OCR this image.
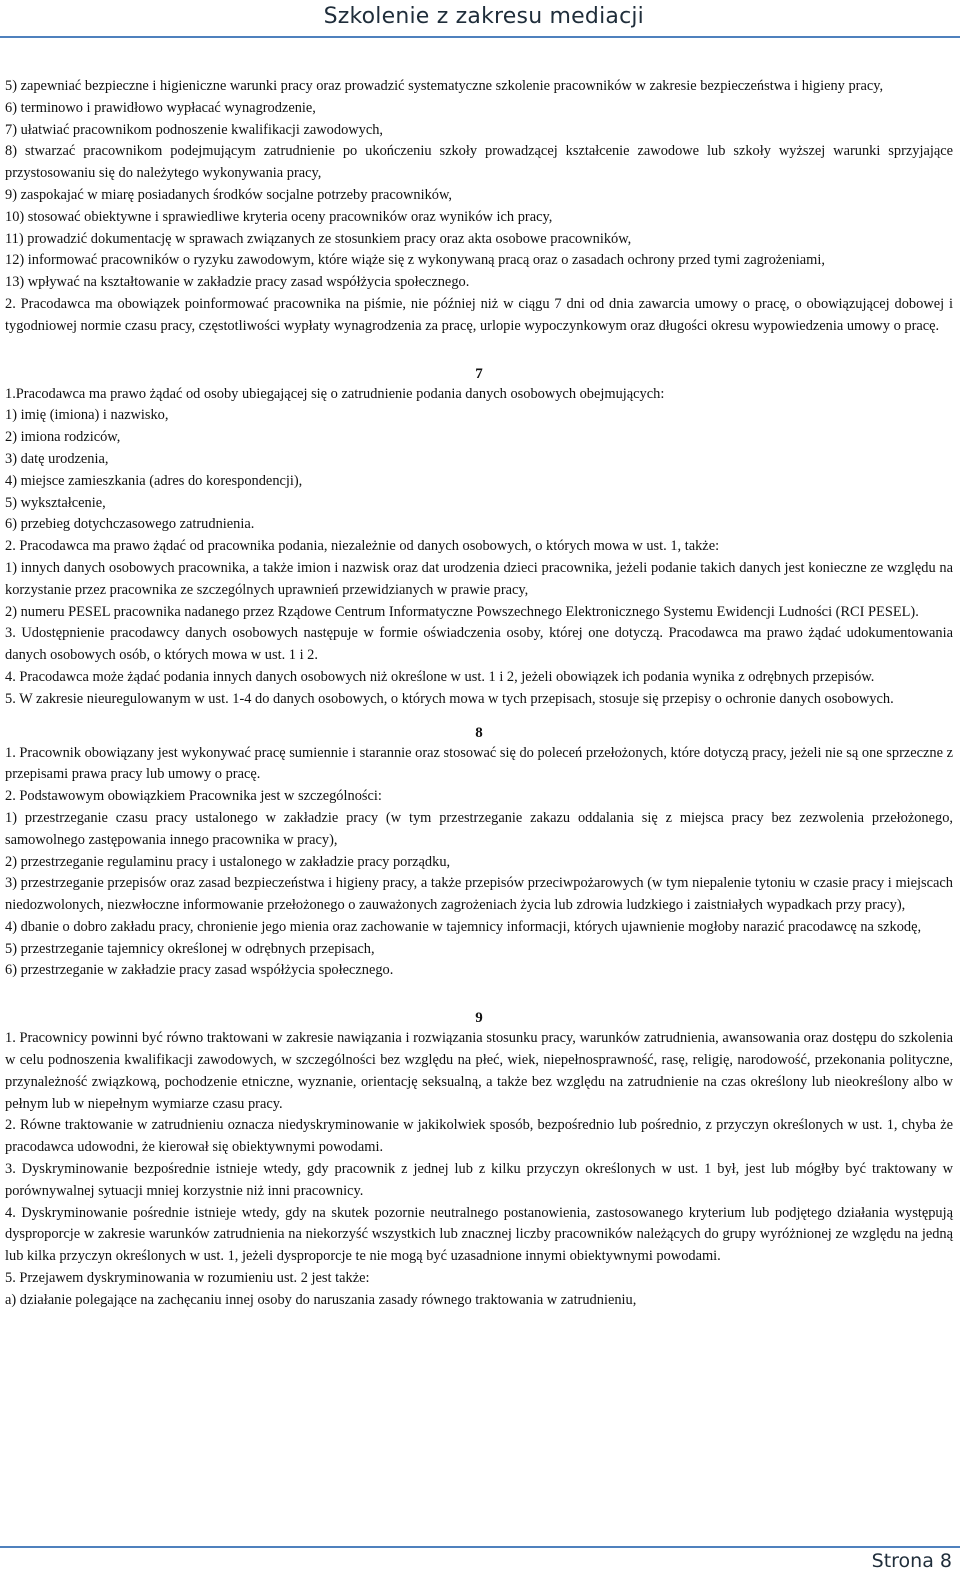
Szkolenie z zakresu mediacji
5) zapewniać bezpieczne i higieniczne warunki pracy oraz prowadzić systematyczne szkolenie pracowników w zakresie bezpieczeństwa i higieny pracy,
6) terminowo i prawidłowo wypłacać wynagrodzenie,
7) ułatwiać pracownikom podnoszenie kwalifikacji zawodowych,
8) stwarzać pracownikom podejmującym zatrudnienie po ukończeniu szkoły prowadzącej kształcenie zawodowe lub szkoły wyższej warunki sprzyjające przystosowaniu się do należytego wykonywania pracy,
9) zaspokajać w miarę posiadanych środków socjalne potrzeby pracowników,
10) stosować obiektywne i sprawiedliwe kryteria oceny pracowników oraz wyników ich pracy,
11) prowadzić dokumentację w sprawach związanych ze stosunkiem pracy oraz akta osobowe pracowników,
12) informować pracowników o ryzyku zawodowym, które wiąże się z wykonywaną pracą oraz o zasadach ochrony przed tymi zagrożeniami,
13) wpływać na kształtowanie w zakładzie pracy zasad współżycia społecznego.
2. Pracodawca ma obowiązek poinformować pracownika na piśmie, nie później niż w ciągu 7 dni od dnia zawarcia umowy o pracę, o obowiązującej dobowej i tygodniowej normie czasu pracy, częstotliwości wypłaty wynagrodzenia za pracę, urlopie wypoczynkowym oraz długości okresu wypowiedzenia umowy o pracę.
7
1.Pracodawca ma prawo żądać od osoby ubiegającej się o zatrudnienie podania danych osobowych obejmujących:
1) imię (imiona) i nazwisko,
2) imiona rodziców,
3) datę urodzenia,
4) miejsce zamieszkania (adres do korespondencji),
5) wykształcenie,
6) przebieg dotychczasowego zatrudnienia.
2. Pracodawca ma prawo żądać od pracownika podania, niezależnie od danych osobowych, o których mowa w ust. 1, także:
1) innych danych osobowych pracownika, a także imion i nazwisk oraz dat urodzenia dzieci pracownika, jeżeli podanie takich danych jest konieczne ze względu na korzystanie przez pracownika ze szczególnych uprawnień przewidzianych w prawie pracy,
2) numeru PESEL pracownika nadanego przez Rządowe Centrum Informatyczne Powszechnego Elektronicznego Systemu Ewidencji Ludności (RCI PESEL).
3. Udostępnienie pracodawcy danych osobowych następuje w formie oświadczenia osoby, której one dotyczą. Pracodawca ma prawo żądać udokumentowania danych osobowych osób, o których mowa w ust. 1 i 2.
4. Pracodawca może żądać podania innych danych osobowych niż określone w ust. 1 i 2, jeżeli obowiązek ich podania wynika z odrębnych przepisów.
5. W zakresie nieuregulowanym w ust. 1-4 do danych osobowych, o których mowa w tych przepisach, stosuje się przepisy o ochronie danych osobowych.
8
1. Pracownik obowiązany jest wykonywać pracę sumiennie i starannie oraz stosować się do poleceń przełożonych, które dotyczą pracy, jeżeli nie są one sprzeczne z przepisami prawa pracy lub umowy o pracę.
2. Podstawowym obowiązkiem Pracownika jest w szczególności:
1) przestrzeganie czasu pracy ustalonego w zakładzie pracy (w tym przestrzeganie zakazu oddalania się z miejsca pracy bez zezwolenia przełożonego, samowolnego zastępowania innego pracownika w pracy),
2) przestrzeganie regulaminu pracy i ustalonego w zakładzie pracy porządku,
3) przestrzeganie przepisów oraz zasad bezpieczeństwa i higieny pracy, a także przepisów przeciwpożarowych (w tym niepalenie tytoniu w czasie pracy i miejscach niedozwolonych, niezwłoczne informowanie przełożonego o zauważonych zagrożeniach życia lub zdrowia ludzkiego i zaistniałych wypadkach przy pracy),
4) dbanie o dobro zakładu pracy, chronienie jego mienia oraz zachowanie w tajemnicy informacji, których ujawnienie mogłoby narazić pracodawcę na szkodę,
5) przestrzeganie tajemnicy określonej w odrębnych przepisach,
6) przestrzeganie w zakładzie pracy zasad współżycia społecznego.
9
1. Pracownicy powinni być równo traktowani w zakresie nawiązania i rozwiązania stosunku pracy, warunków zatrudnienia, awansowania oraz dostępu do szkolenia w celu podnoszenia kwalifikacji zawodowych, w szczególności bez względu na płeć, wiek, niepełnosprawność, rasę, religię, narodowość, przekonania polityczne, przynależność związkową, pochodzenie etniczne, wyznanie, orientację seksualną, a także bez względu na zatrudnienie na czas określony lub nieokreślony albo w pełnym lub w niepełnym wymiarze czasu pracy.
2. Równe traktowanie w zatrudnieniu oznacza niedyskryminowanie w jakikolwiek sposób, bezpośrednio lub pośrednio, z przyczyn określonych w ust. 1, chyba że pracodawca udowodni, że kierował się obiektywnymi powodami.
3. Dyskryminowanie bezpośrednie istnieje wtedy, gdy pracownik z jednej lub z kilku przyczyn określonych w ust. 1 był, jest lub mógłby być traktowany w porównywalnej sytuacji mniej korzystnie niż inni pracownicy.
4. Dyskryminowanie pośrednie istnieje wtedy, gdy na skutek pozornie neutralnego postanowienia, zastosowanego kryterium lub podjętego działania występują dysproporcje w zakresie warunków zatrudnienia na niekorzyść wszystkich lub znacznej liczby pracowników należących do grupy wyróżnionej ze względu na jedną lub kilka przyczyn określonych w ust. 1, jeżeli dysproporcje te nie mogą być uzasadnione innymi obiektywnymi powodami.
5. Przejawem dyskryminowania w rozumieniu ust. 2 jest także:
a) działanie polegające na zachęcaniu innej osoby do naruszania zasady równego traktowania w zatrudnieniu,
Strona 8
